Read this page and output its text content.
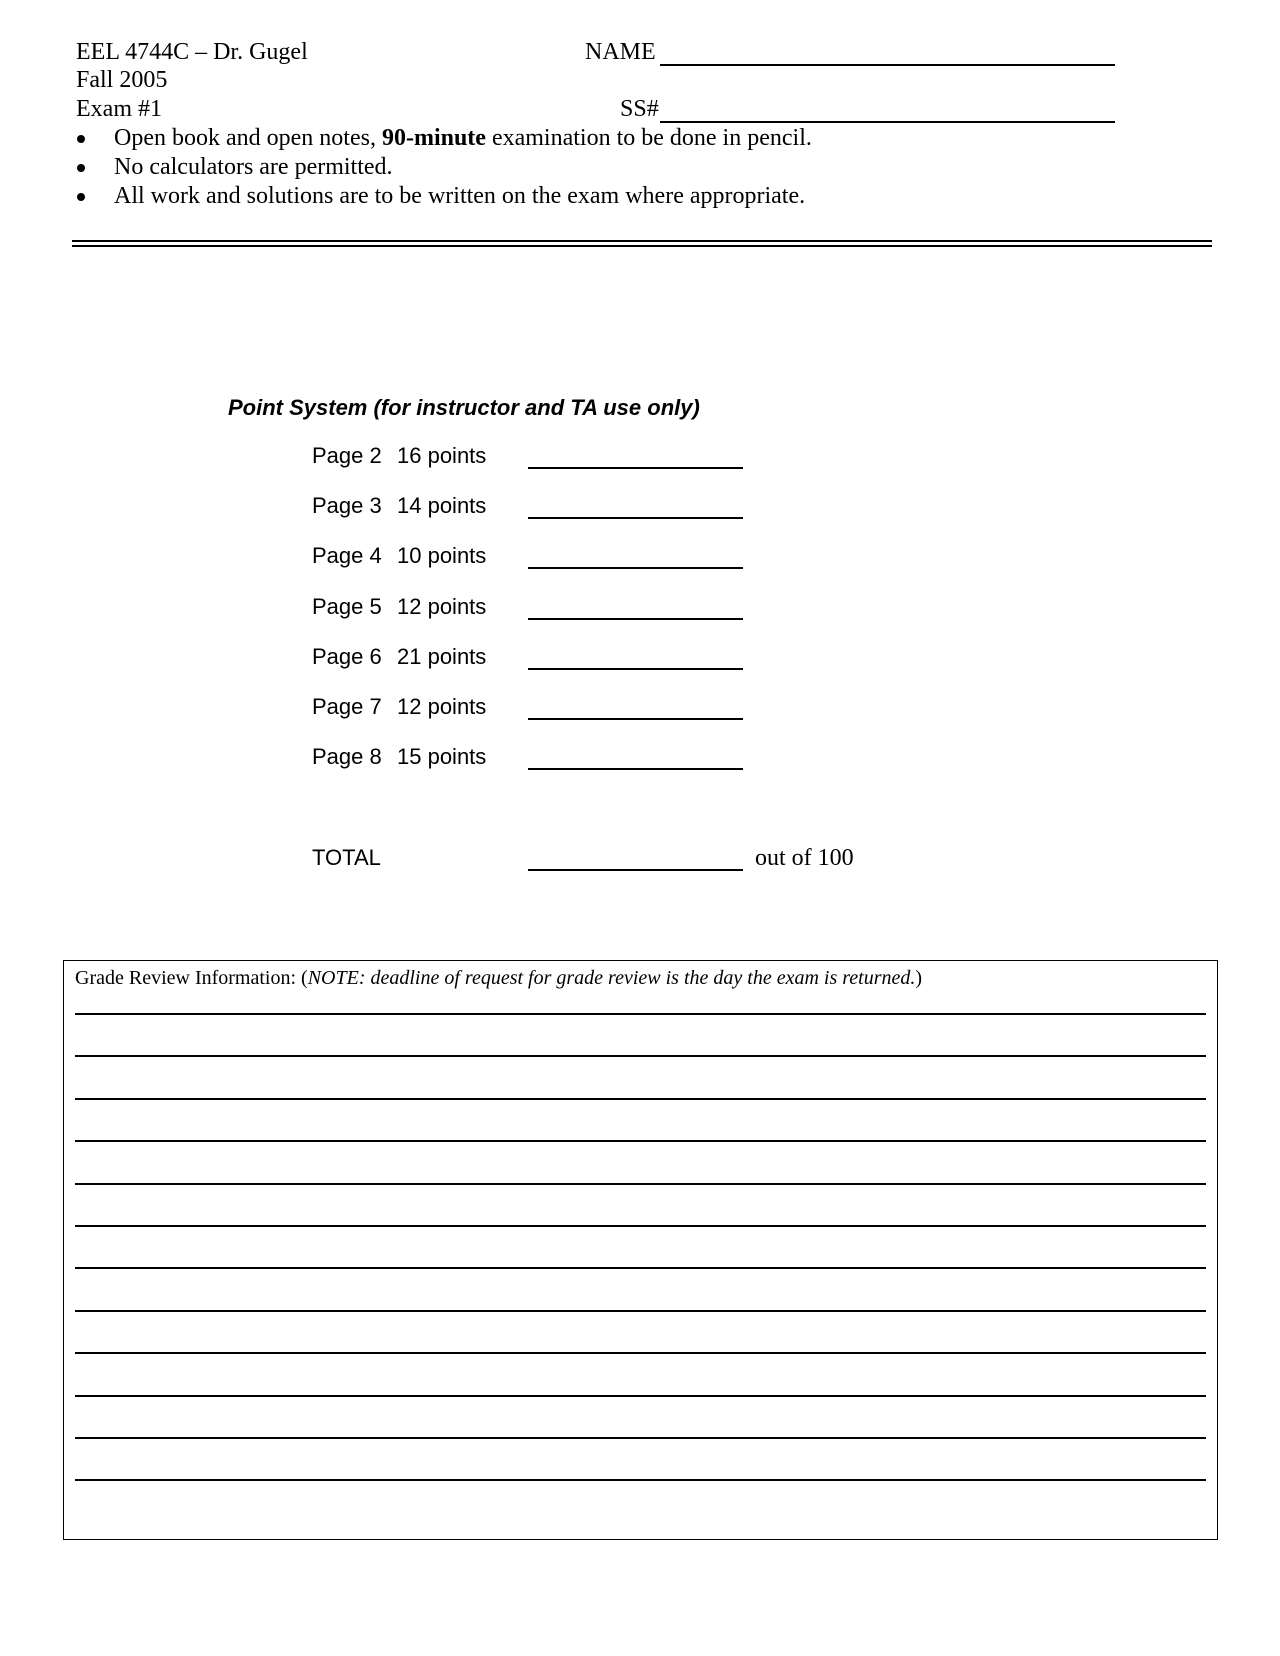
EEL 4744C – Dr. Gugel
Fall 2005
Exam #1
NAME
SS#
Open book and open notes, 90-minute examination to be done in pencil.
No calculators are permitted.
All work and solutions are to be written on the exam where appropriate.
Point System (for instructor and TA use only)
Page 2 16 points
Page 3 14 points
Page 4 10 points
Page 5 12 points
Page 6 21 points
Page 7 12 points
Page 8 15 points
TOTAL	out of 100
Grade Review Information: (NOTE: deadline of request for grade review is the day the exam is returned.)
